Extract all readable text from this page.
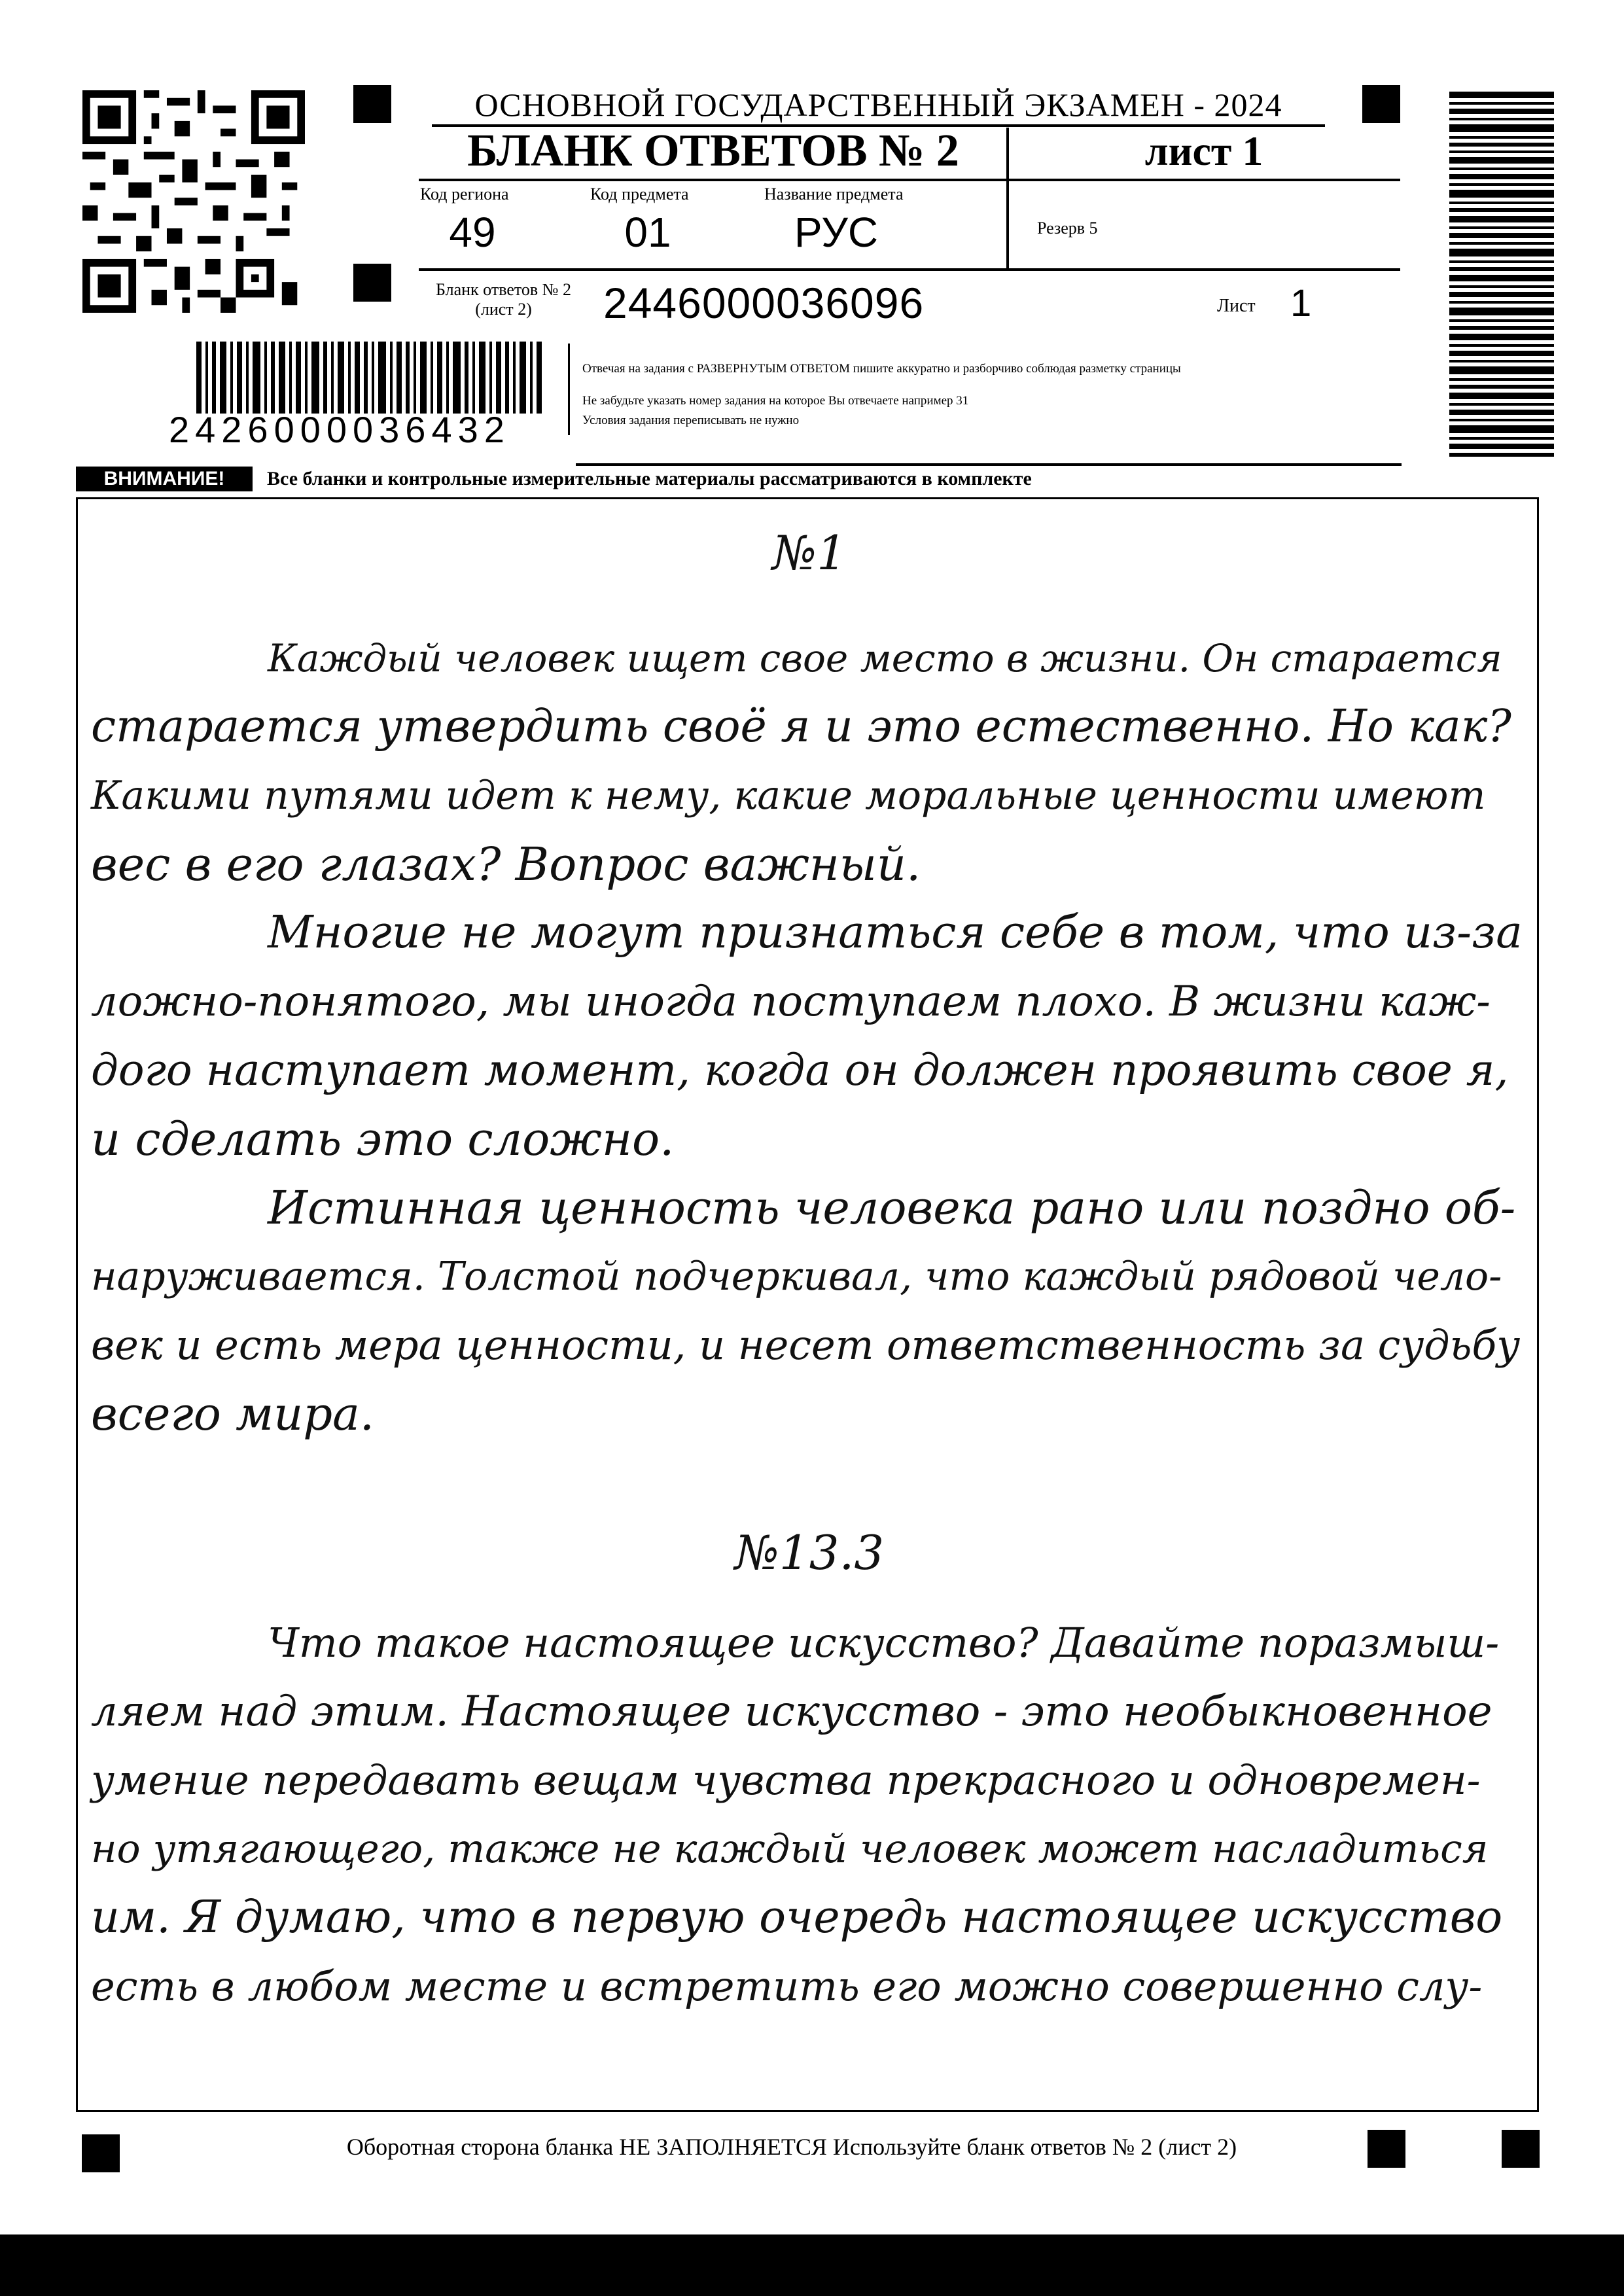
ОСНОВНОЙ ГОСУДАРСТВЕННЫЙ ЭКЗАМЕН - 2024
БЛАНК ОТВЕТОВ № 2	лист 1
Код региона
49
Код предмета
01
Название предмета
РУС	Резерв 5
Бланк ответов № 2
(лист 2)	2446000036096	Лист 1
Отвечая на задания с РАЗВЕРНУТЫМ ОТВЕТОМ пишите аккуратно и разборчиво соблюдая разметку страницы
Не забудьте указать номер задания на которое Вы отвечаете например 31
Условия задания переписывать не нужно
2426000036432
ВНИМАНИЕ!	Все бланки и контрольные измерительные материалы рассматриваются в комплекте
№1
Каждый человек ищет свое место в жизни. Он старается
старается утвердить своё я и это естественно. Но как?
Какими путями идет к нему, какие моральные ценности имеют
вес в его глазах? Вопрос важный.
Многие не могут признаться себе в том, что из-за
ложно-понятого, мы иногда поступаем плохо. В жизни каж-
дого наступает момент, когда он должен проявить свое я,
и сделать это сложно.
Истинная ценность человека рано или поздно об-
наруживается. Толстой подчеркивал, что каждый рядовой чело-
век и есть мера ценности, и несет ответственность за судьбу
всего мира.
№13.3
Что такое настоящее искусство? Давайте поразмыш-
ляем над этим. Настоящее искусство - это необыкновенное
умение передавать вещам чувства прекрасного и одновремен-
но утягающего, также не каждый человек может насладиться
им. Я думаю, что в первую очередь настоящее искусство
есть в любом месте и встретить его можно совершенно слу-
Оборотная сторона бланка НЕ ЗАПОЛНЯЕТСЯ Используйте бланк ответов № 2 (лист 2)
